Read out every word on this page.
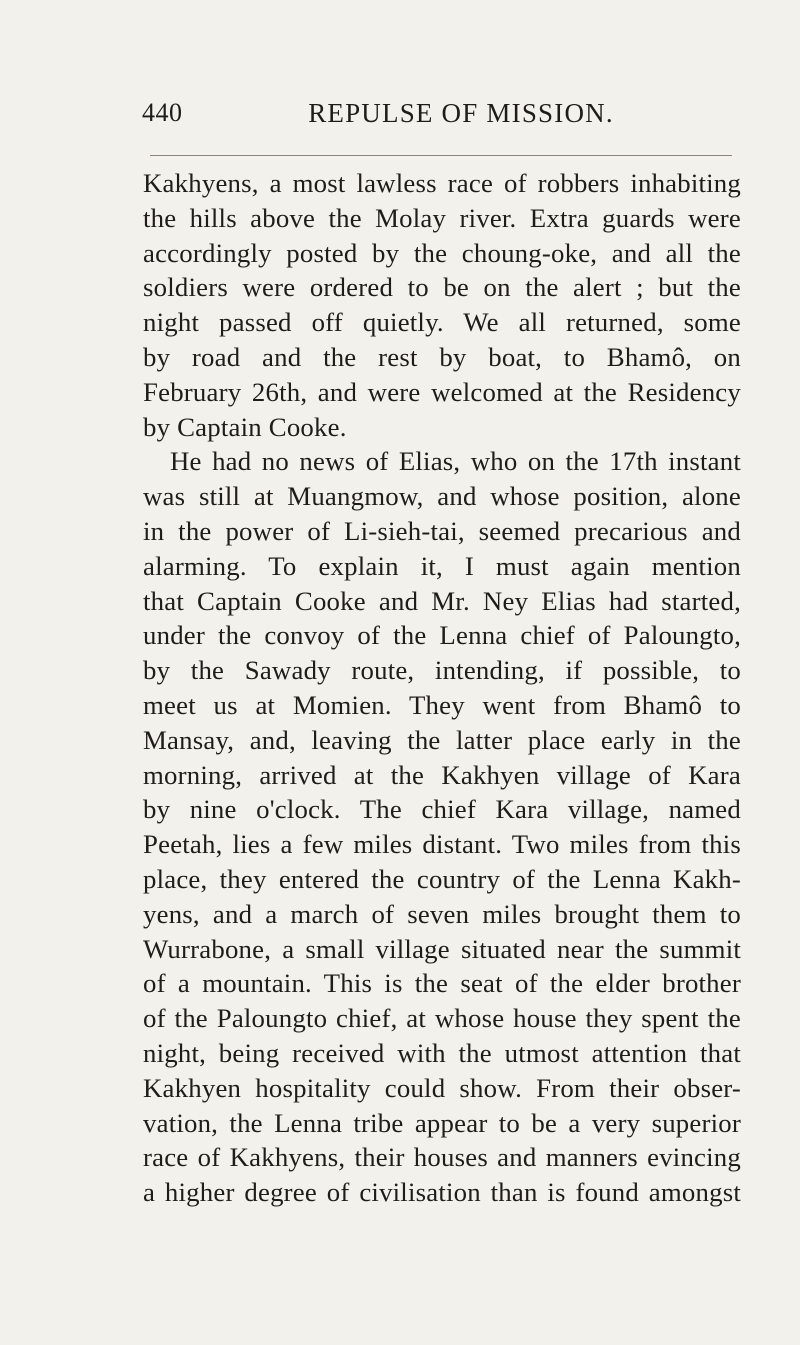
440	REPULSE OF MISSION.
Kakhyens, a most lawless race of robbers inhabiting
the hills above the Molay river. Extra guards were
accordingly posted by the choung-oke, and all the
soldiers were ordered to be on the alert ; but the
night passed off quietly. We all returned, some
by road and the rest by boat, to Bhamô, on
February 26th, and were welcomed at the Residency
by Captain Cooke.
He had no news of Elias, who on the 17th instant
was still at Muangmow, and whose position, alone
in the power of Li-sieh-tai, seemed precarious and
alarming. To explain it, I must again mention
that Captain Cooke and Mr. Ney Elias had started,
under the convoy of the Lenna chief of Paloungto,
by the Sawady route, intending, if possible, to
meet us at Momien. They went from Bhamô to
Mansay, and, leaving the latter place early in the
morning, arrived at the Kakhyen village of Kara
by nine o'clock. The chief Kara village, named
Peetah, lies a few miles distant. Two miles from this
place, they entered the country of the Lenna Kakh-
yens, and a march of seven miles brought them to
Wurrabone, a small village situated near the summit
of a mountain. This is the seat of the elder brother
of the Paloungto chief, at whose house they spent the
night, being received with the utmost attention that
Kakhyen hospitality could show. From their obser-
vation, the Lenna tribe appear to be a very superior
race of Kakhyens, their houses and manners evincing
a higher degree of civilisation than is found amongst
